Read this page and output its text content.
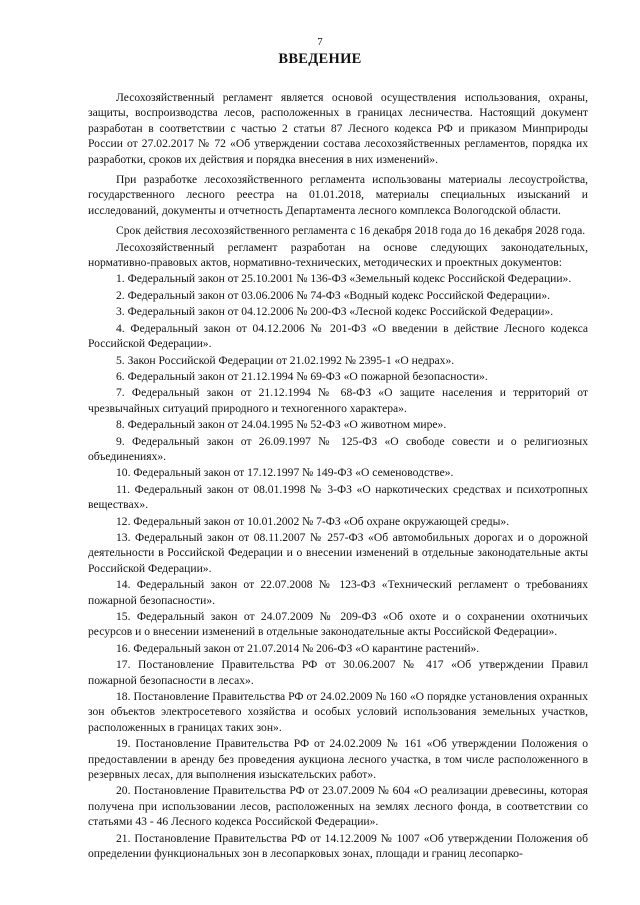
7
ВВЕДЕНИЕ

Лесохозяйственный регламент является основой осуществления использования, охраны, защиты, воспроизводства лесов, расположенных в границах лесничества. Настоящий документ разработан в соответствии с частью 2 статьи 87 Лесного кодекса РФ и приказом Минприроды России от 27.02.2017 № 72 «Об утверждении состава лесохозяйственных регламентов, порядка их разработки, сроков их действия и порядка внесения в них изменений».

При разработке лесохозяйственного регламента использованы материалы лесоустройства, государственного лесного реестра на 01.01.2018, материалы специальных изысканий и исследований, документы и отчетность Департамента лесного комплекса Вологодской области.

Срок действия лесохозяйственного регламента с 16 декабря 2018 года до 16 декабря 2028 года.

Лесохозяйственный регламент разработан на основе следующих законодательных, нормативно-правовых актов, нормативно-технических, методических и проектных документов:

1. Федеральный закон от 25.10.2001 № 136-ФЗ «Земельный кодекс Российской Федерации».

2. Федеральный закон от 03.06.2006 № 74-ФЗ «Водный кодекс Российской Федерации».

3. Федеральный закон от 04.12.2006 № 200-ФЗ «Лесной кодекс Российской Федерации».

4. Федеральный закон от 04.12.2006 № 201-ФЗ «О введении в действие Лесного кодекса Российской Федерации».

5. Закон Российской Федерации от 21.02.1992 № 2395-1 «О недрах».

6. Федеральный закон от 21.12.1994 № 69-ФЗ «О пожарной безопасности».

7. Федеральный закон от 21.12.1994 № 68-ФЗ «О защите населения и территорий от чрезвычайных ситуаций природного и техногенного характера».

8. Федеральный закон от 24.04.1995 № 52-ФЗ «О животном мире».

9. Федеральный закон от 26.09.1997 № 125-ФЗ «О свободе совести и о религиозных объединениях».

10. Федеральный закон от 17.12.1997 № 149-ФЗ «О семеноводстве».

11. Федеральный закон от 08.01.1998 № 3-ФЗ «О наркотических средствах и психотропных веществах».

12. Федеральный закон от 10.01.2002 № 7-ФЗ «Об охране окружающей среды».

13. Федеральный закон от 08.11.2007 № 257-ФЗ «Об автомобильных дорогах и о дорожной деятельности в Российской Федерации и о внесении изменений в отдельные законодательные акты Российской Федерации».

14. Федеральный закон от 22.07.2008 № 123-ФЗ «Технический регламент о требованиях пожарной безопасности».

15. Федеральный закон от 24.07.2009 № 209-ФЗ «Об охоте и о сохранении охотничьих ресурсов и о внесении изменений в отдельные законодательные акты Российской Федерации».

16. Федеральный закон от 21.07.2014 № 206-ФЗ «О карантине растений».

17. Постановление Правительства РФ от 30.06.2007 № 417 «Об утверждении Правил пожарной безопасности в лесах».

18. Постановление Правительства РФ от 24.02.2009 № 160 «О порядке установления охранных зон объектов электросетевого хозяйства и особых условий использования земельных участков, расположенных в границах таких зон».

19. Постановление Правительства РФ от 24.02.2009 № 161 «Об утверждении Положения о предоставлении в аренду без проведения аукциона лесного участка, в том числе расположенного в резервных лесах, для выполнения изыскательских работ».

20. Постановление Правительства РФ от 23.07.2009 № 604 «О реализации древесины, которая получена при использовании лесов, расположенных на землях лесного фонда, в соответствии со статьями 43 - 46 Лесного кодекса Российской Федерации».

21. Постановление Правительства РФ от 14.12.2009 № 1007 «Об утверждении Положения об определении функциональных зон в лесопарковых зонах, площади и границ лесопарко-
